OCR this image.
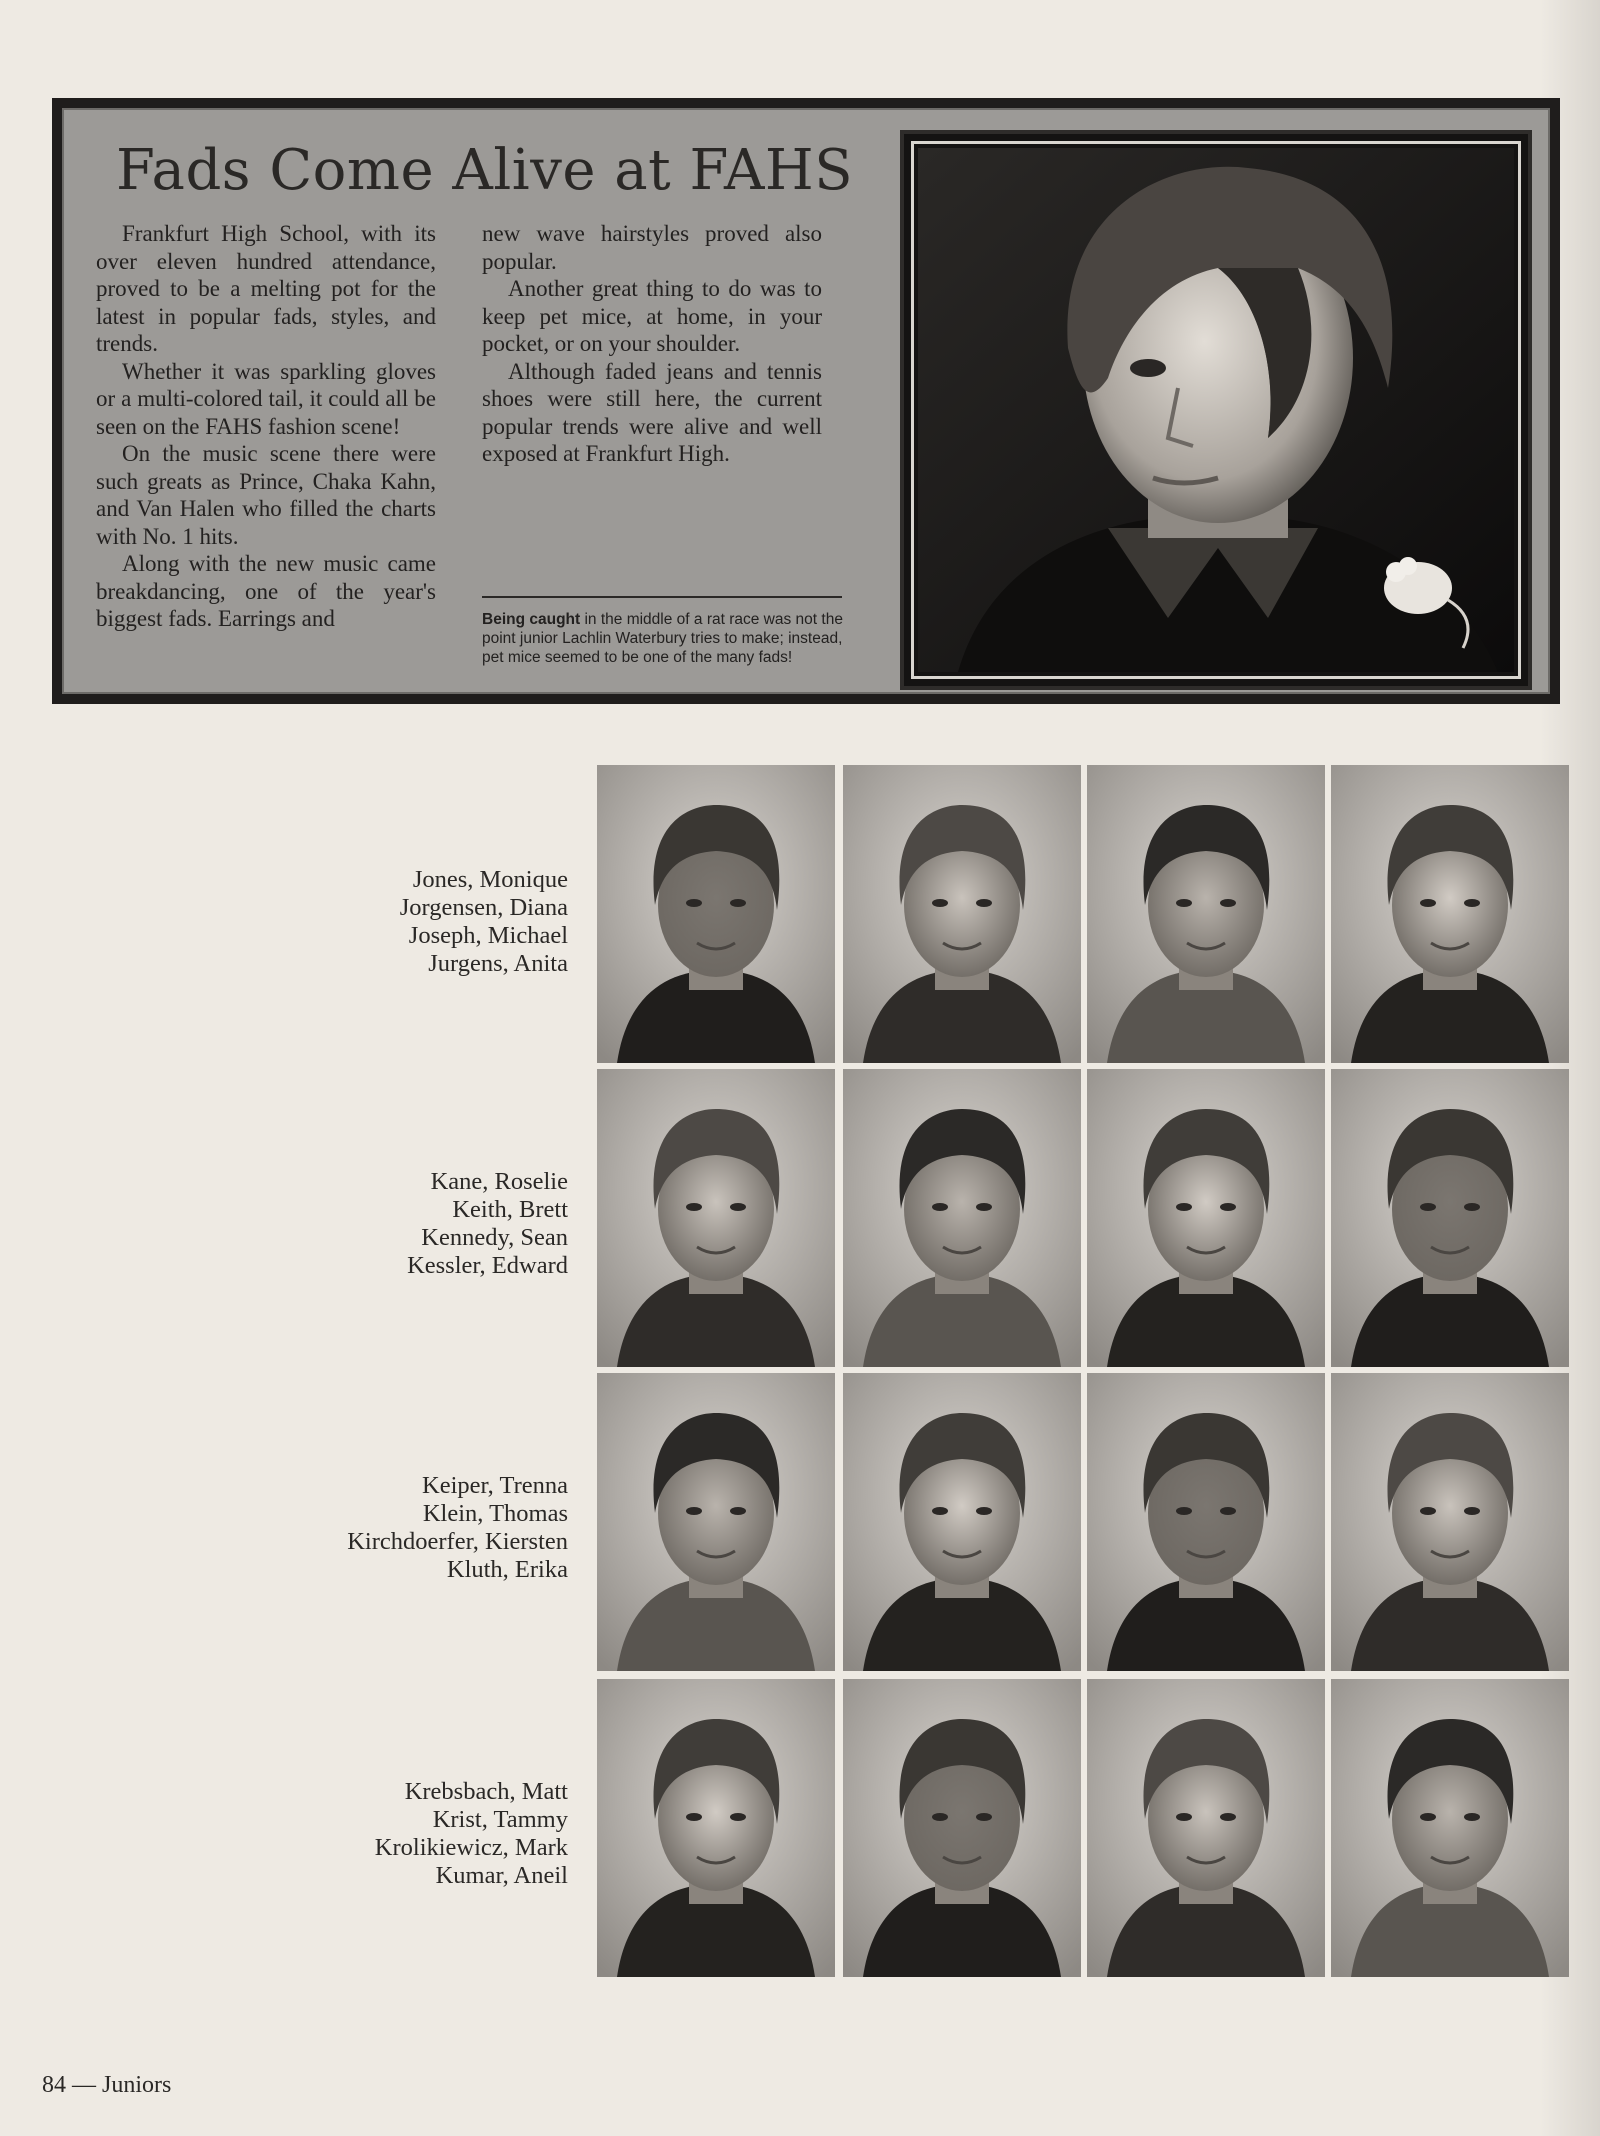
Fads Come Alive at FAHS

Frankfurt High School, with its over eleven hundred attendance, proved to be a melting pot for the latest in popular fads, styles, and trends.

Whether it was sparkling gloves or a multi-colored tail, it could all be seen on the FAHS fashion scene!

On the music scene there were such greats as Prince, Chaka Kahn, and Van Halen who filled the charts with No. 1 hits.

Along with the new music came breakdancing, one of the year's biggest fads. Earrings and

new wave hairstyles proved also popular.

Another great thing to do was to keep pet mice, at home, in your pocket, or on your shoulder.

Although faded jeans and tennis shoes were still here, the current popular trends were alive and well exposed at Frankfurt High.

Being caught in the middle of a rat race was not the point junior Lachlin Waterbury tries to make; instead, pet mice seemed to be one of the many fads!
Jones, Monique
Jorgensen, Diana
Joseph, Michael
Jurgens, Anita
Kane, Roselie
Keith, Brett
Kennedy, Sean
Kessler, Edward
Keiper, Trenna
Klein, Thomas
Kirchdoerfer, Kiersten
Kluth, Erika
Krebsbach, Matt
Krist, Tammy
Krolikiewicz, Mark
Kumar, Aneil
84 — Juniors
